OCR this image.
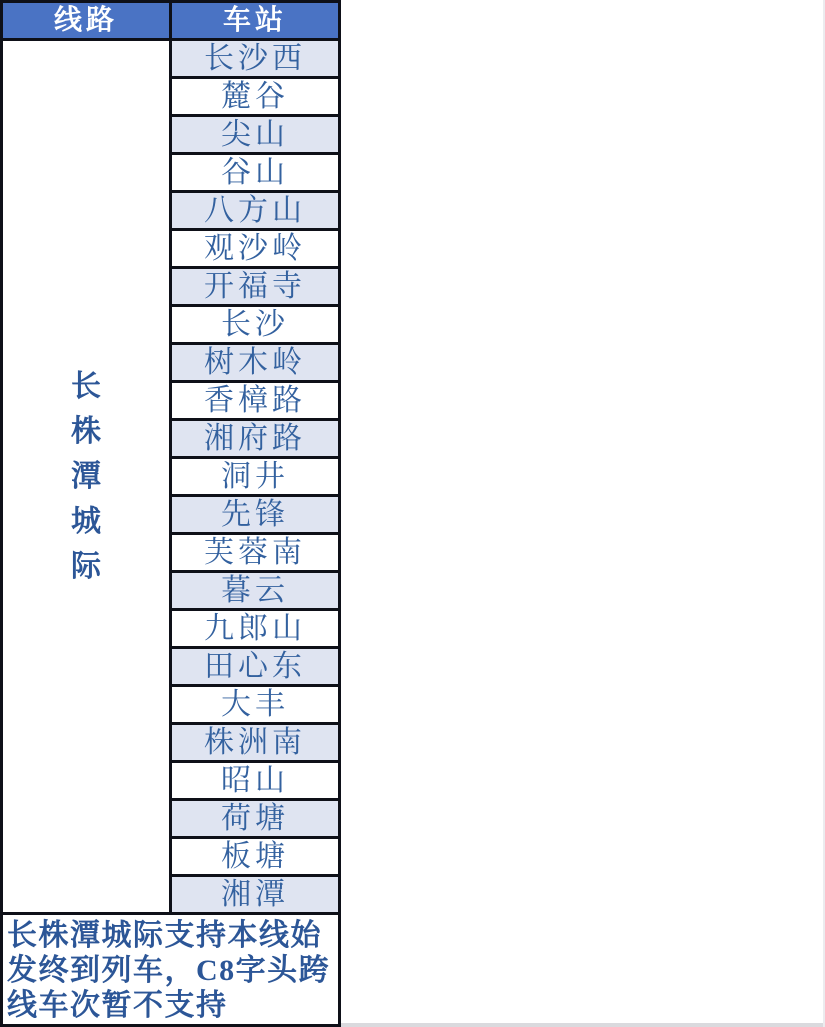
线路	车站
长株潭城际
长沙西
麓谷
尖山
谷山
八方山
观沙岭
开福寺
长沙
树木岭
香樟路
湘府路
洞井
先锋
芙蓉南
暮云
九郎山
田心东
大丰
株洲南
昭山
荷塘
板塘
湘潭
长株潭城际支持本线始发终到列车，C8字头跨线车次暂不支持
